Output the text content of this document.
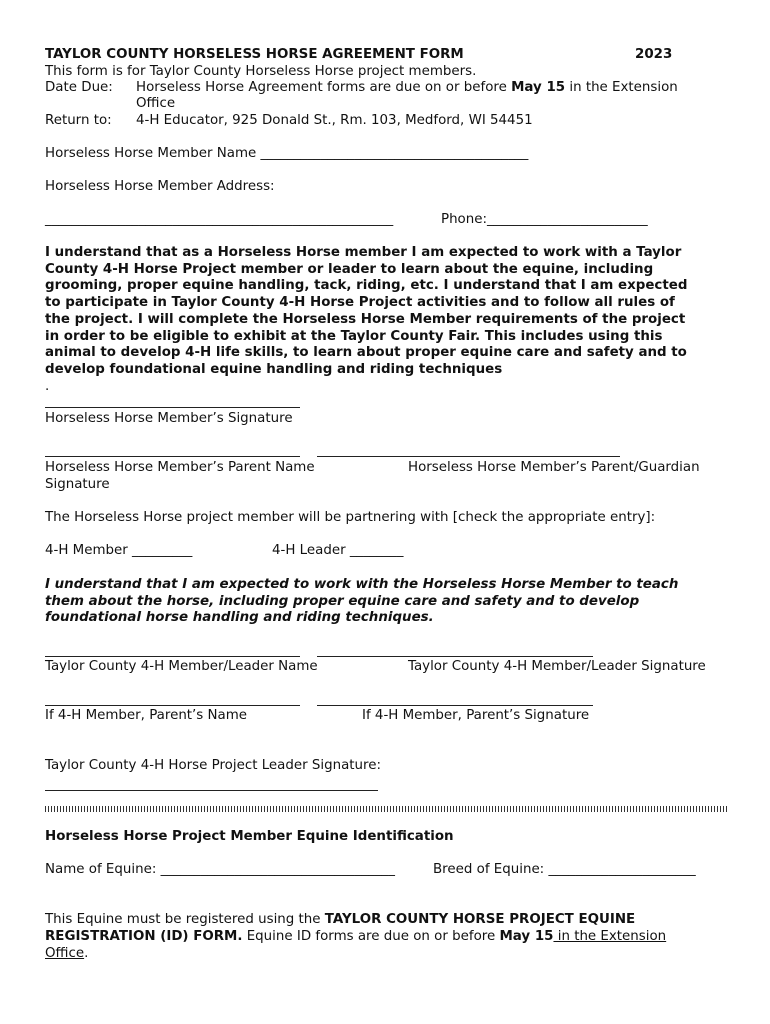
TAYLOR COUNTY HORSELESS HORSE AGREEMENT FORM	2023
This form is for Taylor County Horseless Horse project members.
Date Due: Horseless Horse Agreement forms are due on or before May 15 in the Extension
Office
Return to: 4-H Educator, 925 Donald St., Rm. 103, Medford, WI 54451
Horseless Horse Member Name ________________________________________
Horseless Horse Member Address:
____________________________________________________	Phone:________________________
I understand that as a Horseless Horse member I am expected to work with a Taylor
County 4-H Horse Project member or leader to learn about the equine, including
grooming, proper equine handling, tack, riding, etc. I understand that I am expected
to participate in Taylor County 4-H Horse Project activities and to follow all rules of
the project. I will complete the Horseless Horse Member requirements of the project
in order to be eligible to exhibit at the Taylor County Fair. This includes using this
animal to develop 4-H life skills, to learn about proper equine care and safety and to
develop foundational equine handling and riding techniques
.
Horseless Horse Member’s Signature
Horseless Horse Member’s Parent Name	Horseless Horse Member’s Parent/Guardian
Signature
The Horseless Horse project member will be partnering with [check the appropriate entry]:
4-H Member _________	4-H Leader ________
I understand that I am expected to work with the Horseless Horse Member to teach
them about the horse, including proper equine care and safety and to develop
foundational horse handling and riding techniques.
Taylor County 4-H Member/Leader Name	Taylor County 4-H Member/Leader Signature
If 4-H Member, Parent’s Name	If 4-H Member, Parent’s Signature
Taylor County 4-H Horse Project Leader Signature:
Horseless Horse Project Member Equine Identification
Name of Equine: ___________________________________	Breed of Equine: ______________________
This Equine must be registered using the TAYLOR COUNTY HORSE PROJECT EQUINE
REGISTRATION (ID) FORM. Equine ID forms are due on or before May 15 in the Extension
Office.
